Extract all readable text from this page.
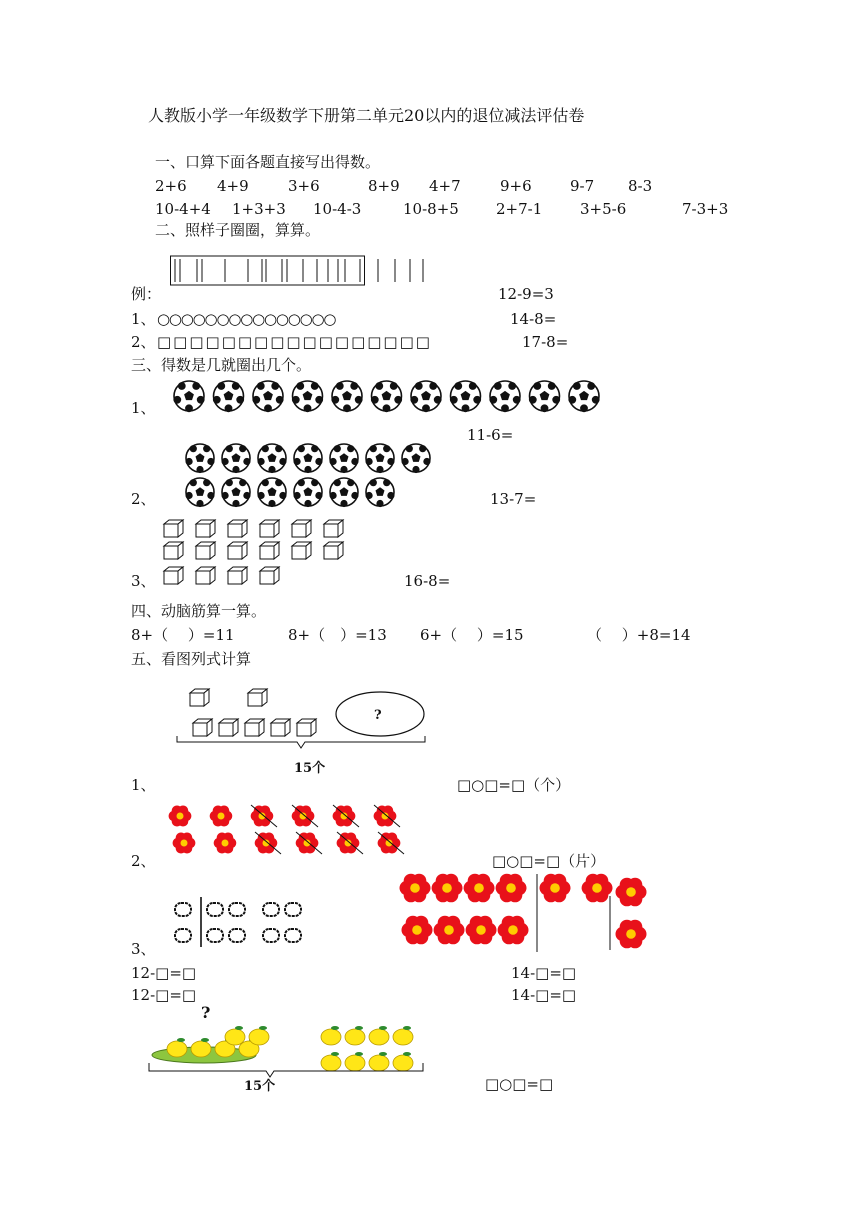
人教版小学一年级数学下册第二单元20以内的退位减法评估卷
一、口算下面各题直接写出得数。
2+6 4+9	3+6	8+9 4+7	9+6	9-7 8-3
10-4+4 1+3+3 10-4-3	10-8+5 2+7-1	3+5-6	7-3+3
二、照样子圈圈，算算。
例：	12-9=3
1、 ○○○○○○○○○○○○○○○	14-8=
2、 □□□□□□□□□□□□□□□□□	17-8=
三、得数是几就圈出几个。
1、
11-6=
2、	13-7=
3、	16-8=
四、动脑筋算一算。
8+（　 ）=11	8+（　）=13 6+（　 ）=15	（　 ）+8=14
五、看图列式计算
?
15个
1、	□○□=□（个）
2、	□○□=□（片）
3、
12-□=□	14-□=□
12-□=□	14-□=□
?
15个	□○□=□
